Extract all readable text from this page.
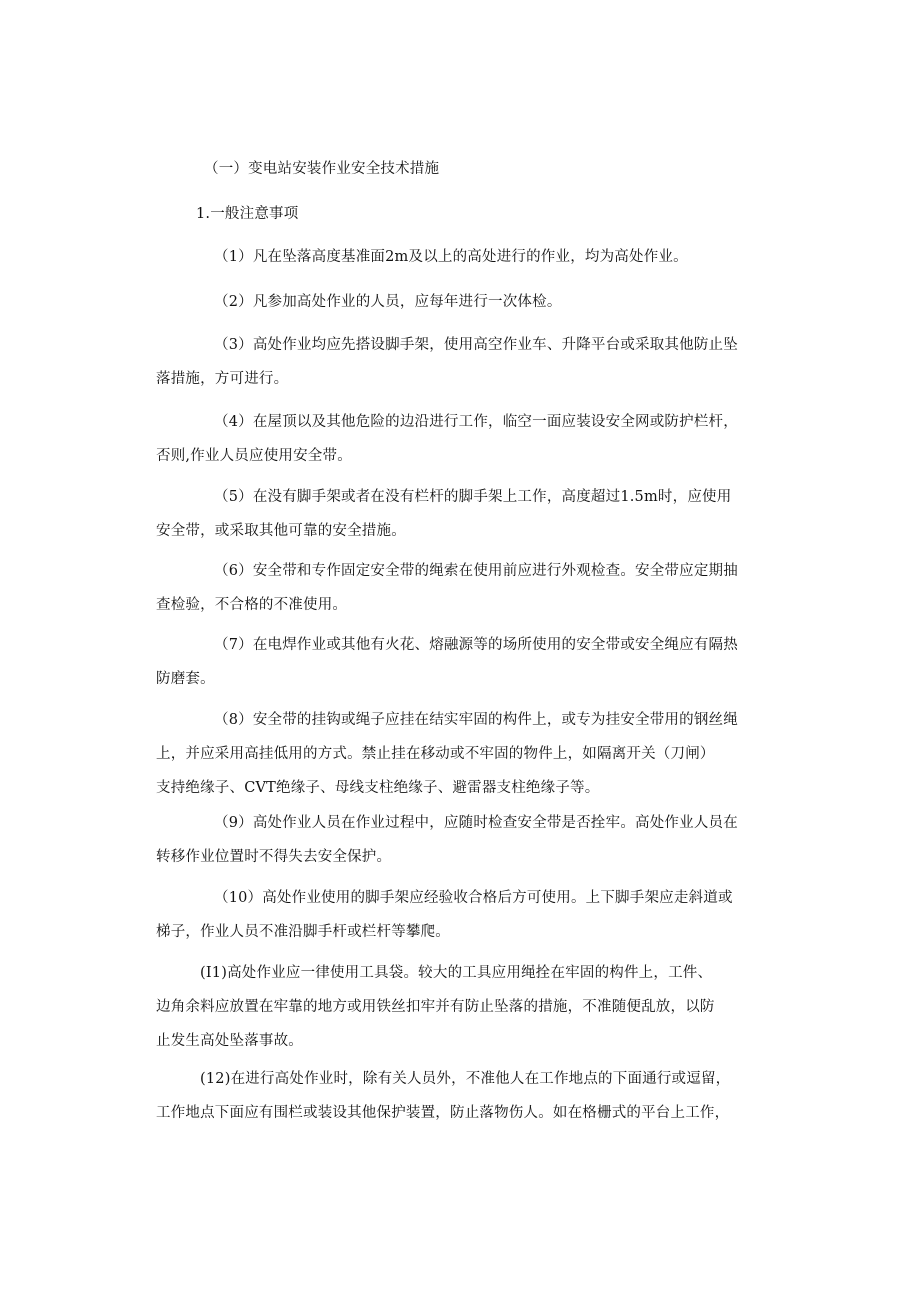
（一）变电站安装作业安全技术措施
1.一般注意事项
（1）凡在坠落高度基准面2m及以上的高处进行的作业，均为高处作业。
（2）凡参加高处作业的人员，应每年进行一次体检。
（3）高处作业均应先搭设脚手架，使用高空作业车、升降平台或采取其他防止坠
落措施，方可进行。
（4）在屋顶以及其他危险的边沿进行工作，临空一面应装设安全网或防护栏杆，
否则,作业人员应使用安全带。
（5）在没有脚手架或者在没有栏杆的脚手架上工作，高度超过1.5m时，应使用
安全带，或采取其他可靠的安全措施。
（6）安全带和专作固定安全带的绳索在使用前应进行外观检查。安全带应定期抽
查检验，不合格的不准使用。
（7）在电焊作业或其他有火花、熔融源等的场所使用的安全带或安全绳应有隔热
防磨套。
（8）安全带的挂钩或绳子应挂在结实牢固的构件上，或专为挂安全带用的钢丝绳
上，并应采用高挂低用的方式。禁止挂在移动或不牢固的物件上，如隔离开关（刀闸）
支持绝缘子、CVT绝缘子、母线支柱绝缘子、避雷器支柱绝缘子等。
（9）高处作业人员在作业过程中，应随时检查安全带是否拴牢。高处作业人员在
转移作业位置时不得失去安全保护。
（10）高处作业使用的脚手架应经验收合格后方可使用。上下脚手架应走斜道或
梯子，作业人员不准沿脚手杆或栏杆等攀爬。
(I1)高处作业应一律使用工具袋。较大的工具应用绳拴在牢固的构件上，工件、
边角余料应放置在牢靠的地方或用铁丝扣牢并有防止坠落的措施，不准随便乱放，以防
止发生高处坠落事故。
(12)在进行高处作业时，除有关人员外，不准他人在工作地点的下面通行或逗留，
工作地点下面应有围栏或装设其他保护装置，防止落物伤人。如在格栅式的平台上工作，
